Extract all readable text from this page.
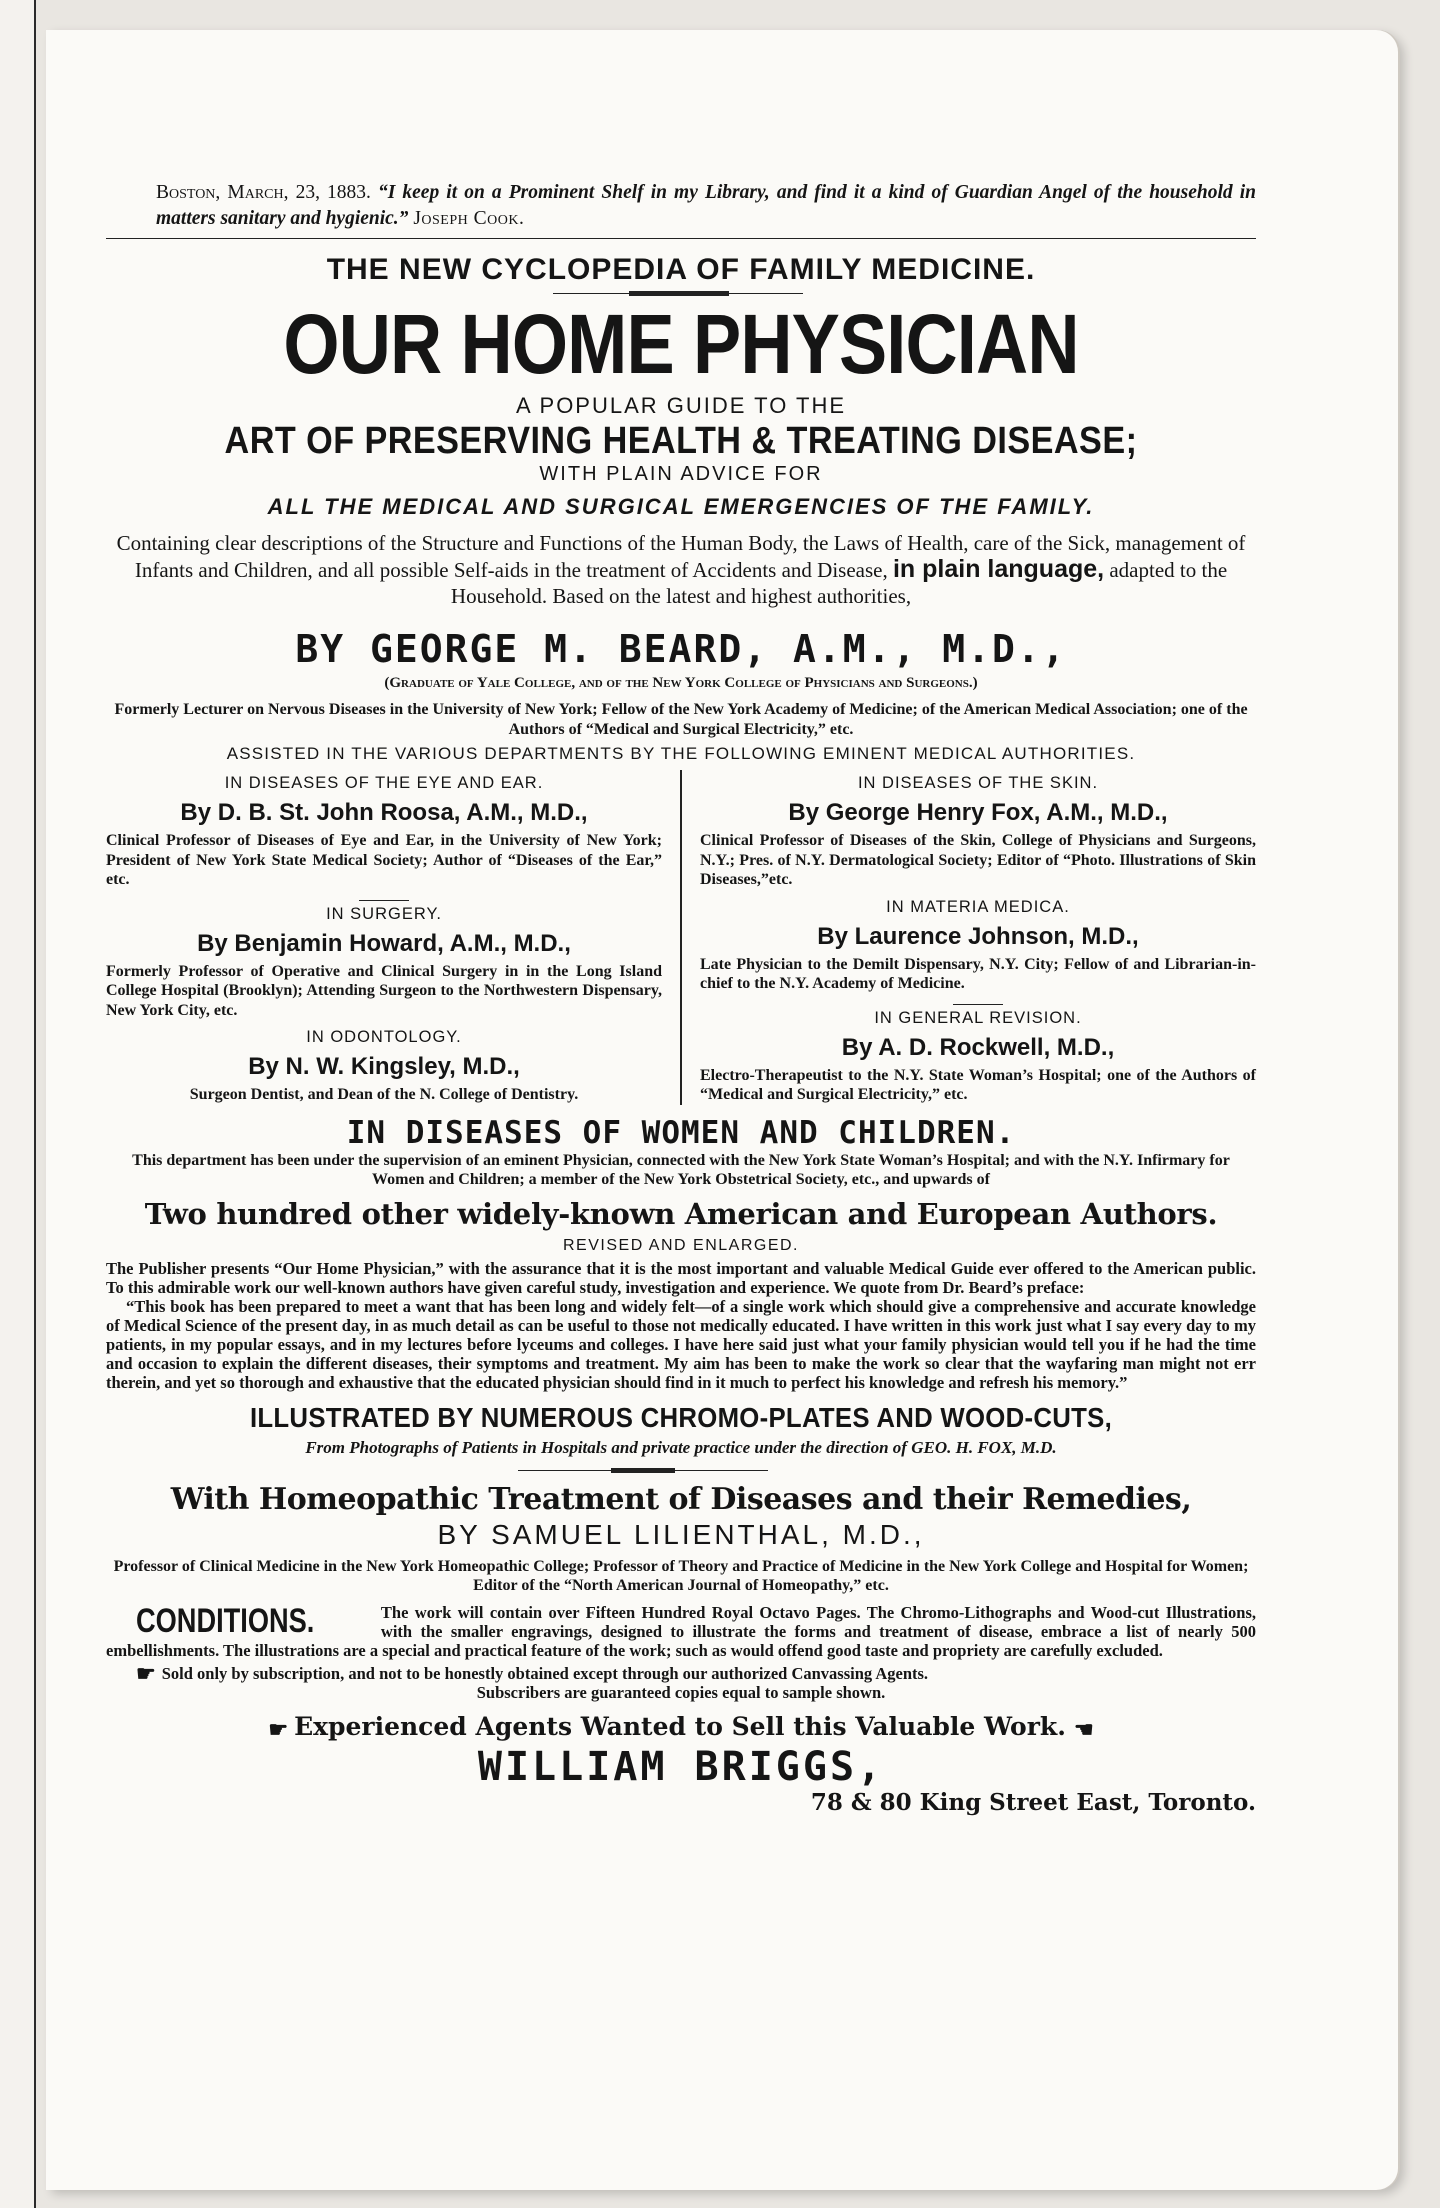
Boston, March, 23, 1883. “I keep it on a Prominent Shelf in my Library, and find it a kind of Guardian Angel of the household in matters sanitary and hygienic.” Joseph Cook.
THE NEW CYCLOPEDIA OF FAMILY MEDICINE.
OUR HOME PHYSICIAN
A POPULAR GUIDE TO THE
ART OF PRESERVING HEALTH & TREATING DISEASE;
WITH PLAIN ADVICE FOR
ALL THE MEDICAL AND SURGICAL EMERGENCIES OF THE FAMILY.
Containing clear descriptions of the Structure and Functions of the Human Body, the Laws of Health, care of the Sick, management of Infants and Children, and all possible Self-aids in the treatment of Accidents and Disease, in plain language, adapted to the Household. Based on the latest and highest authorities,
BY GEORGE M. BEARD, A.M., M.D.,
(Graduate of Yale College, and of the New York College of Physicians and Surgeons.)
Formerly Lecturer on Nervous Diseases in the University of New York; Fellow of the New York Academy of Medicine; of the American Medical Association; one of the Authors of “Medical and Surgical Electricity,” etc.
ASSISTED IN THE VARIOUS DEPARTMENTS BY THE FOLLOWING EMINENT MEDICAL AUTHORITIES.
IN DISEASES OF THE EYE AND EAR.
By D. B. St. John Roosa, A.M., M.D.,
Clinical Professor of Diseases of Eye and Ear, in the University of New York; President of New York State Medical Society; Author of “Diseases of the Ear,” etc.
IN SURGERY.
By Benjamin Howard, A.M., M.D.,
Formerly Professor of Operative and Clinical Surgery in in the Long Island College Hospital (Brooklyn); Attending Surgeon to the Northwestern Dispensary, New York City, etc.
IN ODONTOLOGY.
By N. W. Kingsley, M.D.,
Surgeon Dentist, and Dean of the N. College of Dentistry.
IN DISEASES OF THE SKIN.
By George Henry Fox, A.M., M.D.,
Clinical Professor of Diseases of the Skin, College of Physicians and Surgeons, N.Y.; Pres. of N.Y. Dermatological Society; Editor of “Photo. Illustrations of Skin Diseases,”etc.
IN MATERIA MEDICA.
By Laurence Johnson, M.D.,
Late Physician to the Demilt Dispensary, N.Y. City; Fellow of and Librarian-in-chief to the N.Y. Academy of Medicine.
IN GENERAL REVISION.
By A. D. Rockwell, M.D.,
Electro-Therapeutist to the N.Y. State Woman’s Hospital; one of the Authors of “Medical and Surgical Electricity,” etc.
IN DISEASES OF WOMEN AND CHILDREN.
This department has been under the supervision of an eminent Physician, connected with the New York State Woman’s Hospital; and with the N.Y. Infirmary for Women and Children; a member of the New York Obstetrical Society, etc., and upwards of
Two hundred other widely-known American and European Authors.
REVISED AND ENLARGED.
The Publisher presents “Our Home Physician,” with the assurance that it is the most important and valuable Medical Guide ever offered to the American public. To this admirable work our well-known authors have given careful study, investigation and experience. We quote from Dr. Beard’s preface:
“This book has been prepared to meet a want that has been long and widely felt—of a single work which should give a comprehensive and accurate knowledge of Medical Science of the present day, in as much detail as can be useful to those not medically educated. I have written in this work just what I say every day to my patients, in my popular essays, and in my lectures before lyceums and colleges. I have here said just what your family physician would tell you if he had the time and occasion to explain the different diseases, their symptoms and treatment. My aim has been to make the work so clear that the wayfaring man might not err therein, and yet so thorough and exhaustive that the educated physician should find in it much to perfect his knowledge and refresh his memory.”
ILLUSTRATED BY NUMEROUS CHROMO-PLATES AND WOOD-CUTS,
From Photographs of Patients in Hospitals and private practice under the direction of GEO. H. FOX, M.D.
With Homeopathic Treatment of Diseases and their Remedies,
BY SAMUEL LILIENTHAL, M.D.,
Professor of Clinical Medicine in the New York Homeopathic College; Professor of Theory and Practice of Medicine in the New York College and Hospital for Women; Editor of the “North American Journal of Homeopathy,” etc.
CONDITIONS.	The work will contain over Fifteen Hundred Royal Octavo Pages. The Chromo-Lithographs and Wood-cut Illustrations, with the smaller engravings, designed to illustrate the forms and treatment of disease, embrace a list of nearly 500 embellishments. The illustrations are a special and practical feature of the work; such as would offend good taste and propriety are carefully excluded.
☛ Sold only by subscription, and not to be honestly obtained except through our authorized Canvassing Agents.
Subscribers are guaranteed copies equal to sample shown.
☛ Experienced Agents Wanted to Sell this Valuable Work. ☚
WILLIAM BRIGGS,
78 & 80 King Street East, Toronto.
